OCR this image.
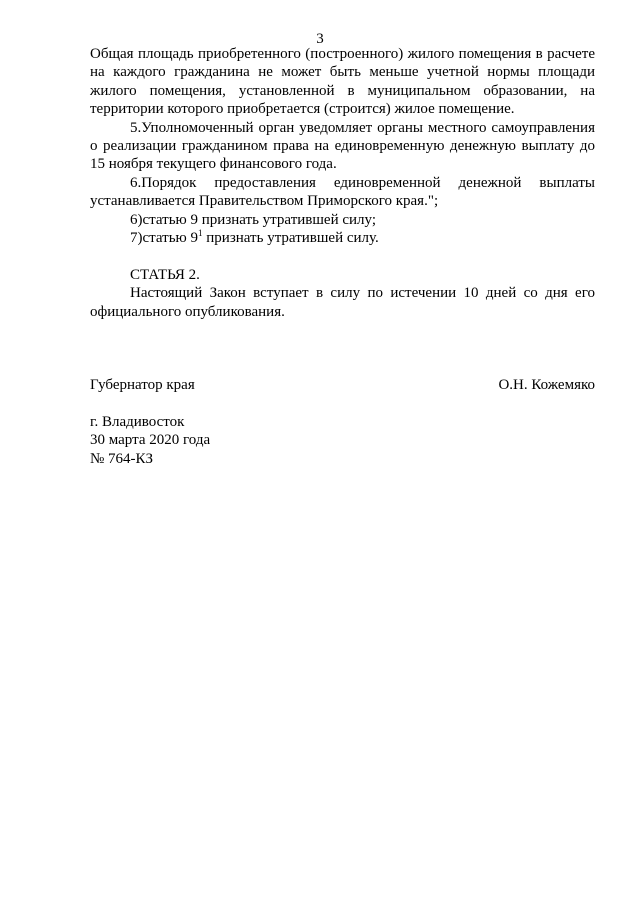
3

Общая площадь приобретенного (построенного) жилого помещения в расчете на каждого гражданина не может быть меньше учетной нормы площади жилого помещения, установленной в муниципальном образовании, на территории которого приобретается (строится) жилое помещение.

5.Уполномоченный орган уведомляет органы местного самоуправления о реализации гражданином права на единовременную денежную выплату до 15 ноября текущего финансового года.

6.Порядок предоставления единовременной денежной выплаты устанавливается Правительством Приморского края.";

6)статью 9 признать утратившей силу;

7)статью $9^1$ признать утратившей силу.

СТАТЬЯ 2.

Настоящий Закон вступает в силу по истечении 10 дней со дня его официального опубликования.

Губернатор края	О.Н. Кожемяко

г. Владивосток

30 марта 2020 года

№ 764-КЗ
